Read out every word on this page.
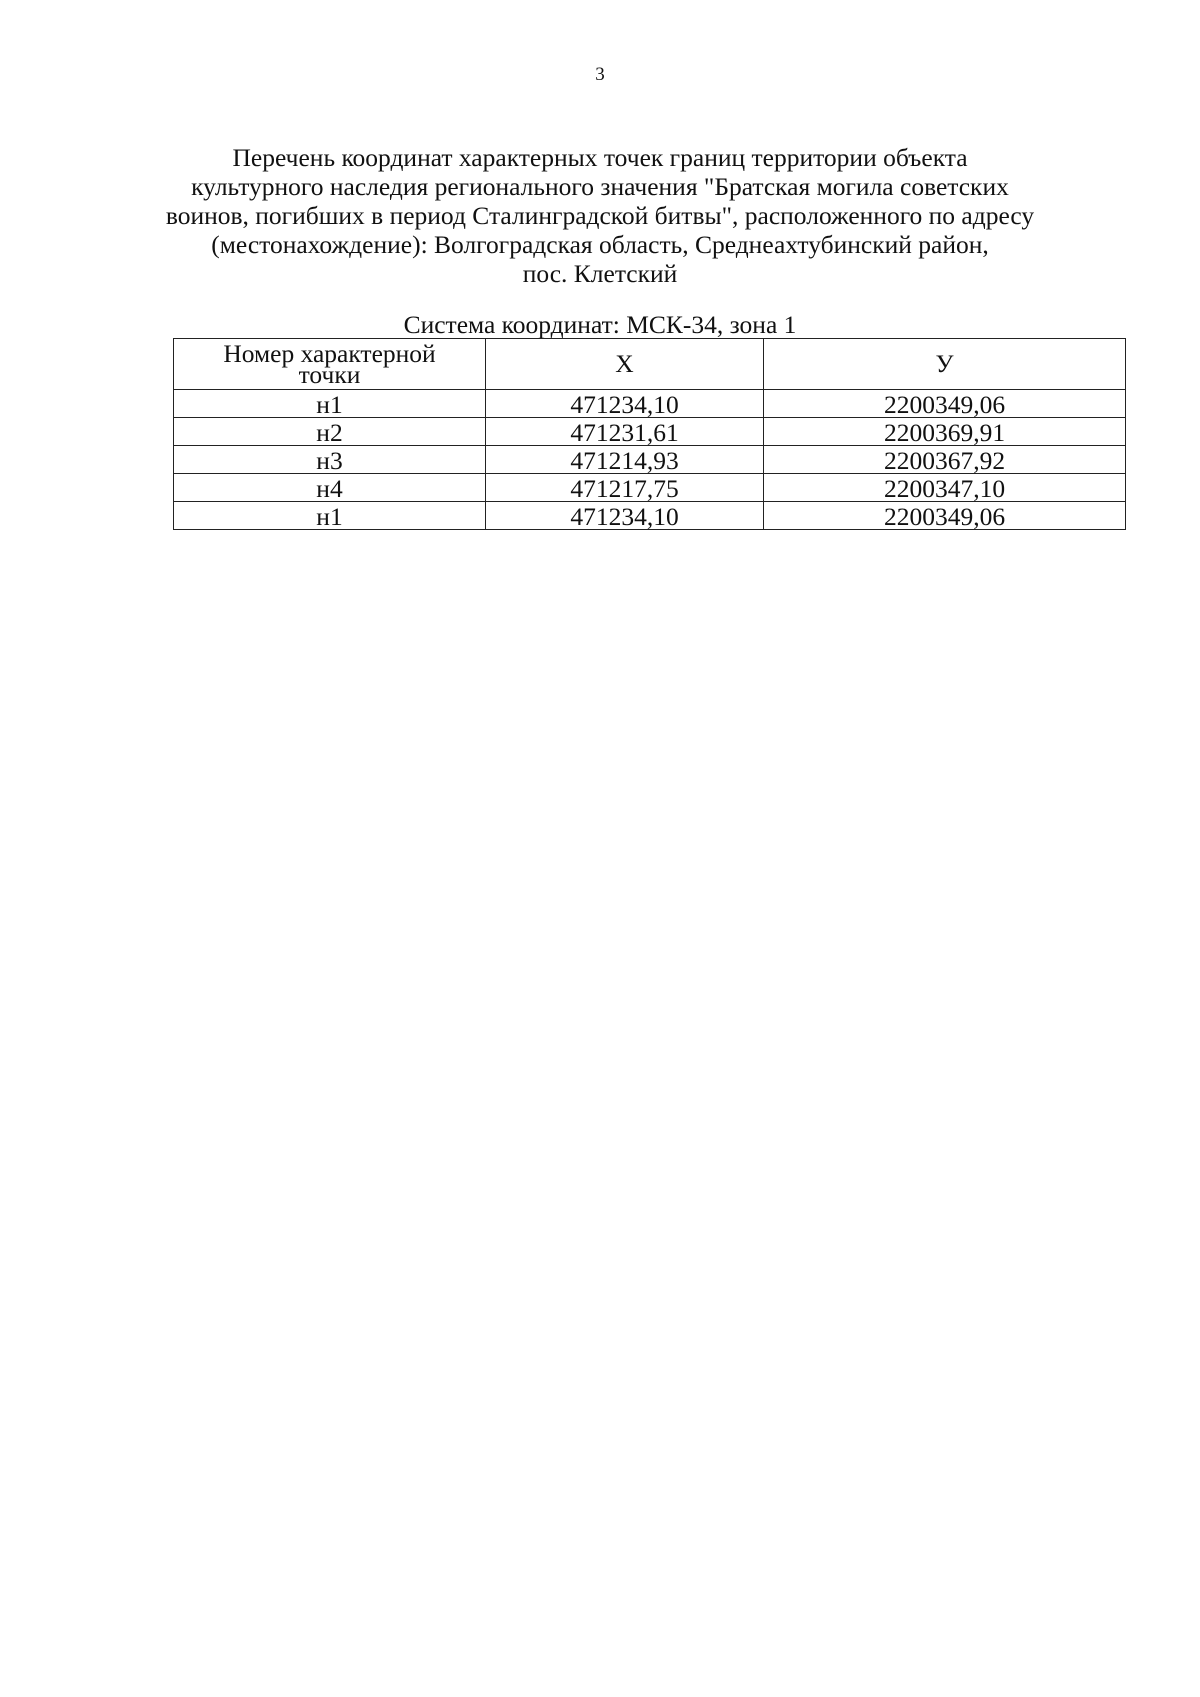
3
Перечень координат характерных точек границ территории объекта
культурного наследия регионального значения "Братская могила советских
воинов, погибших в период Сталинградской битвы", расположенного по адресу
(местонахождение): Волгоградская область, Среднеахтубинский район,
пос. Клетский
Система координат: МСК-34, зона 1
Номер характерной
точки	X	У
н1	471234,10	2200349,06
н2	471231,61	2200369,91
н3	471214,93	2200367,92
н4	471217,75	2200347,10
н1	471234,10	2200349,06
